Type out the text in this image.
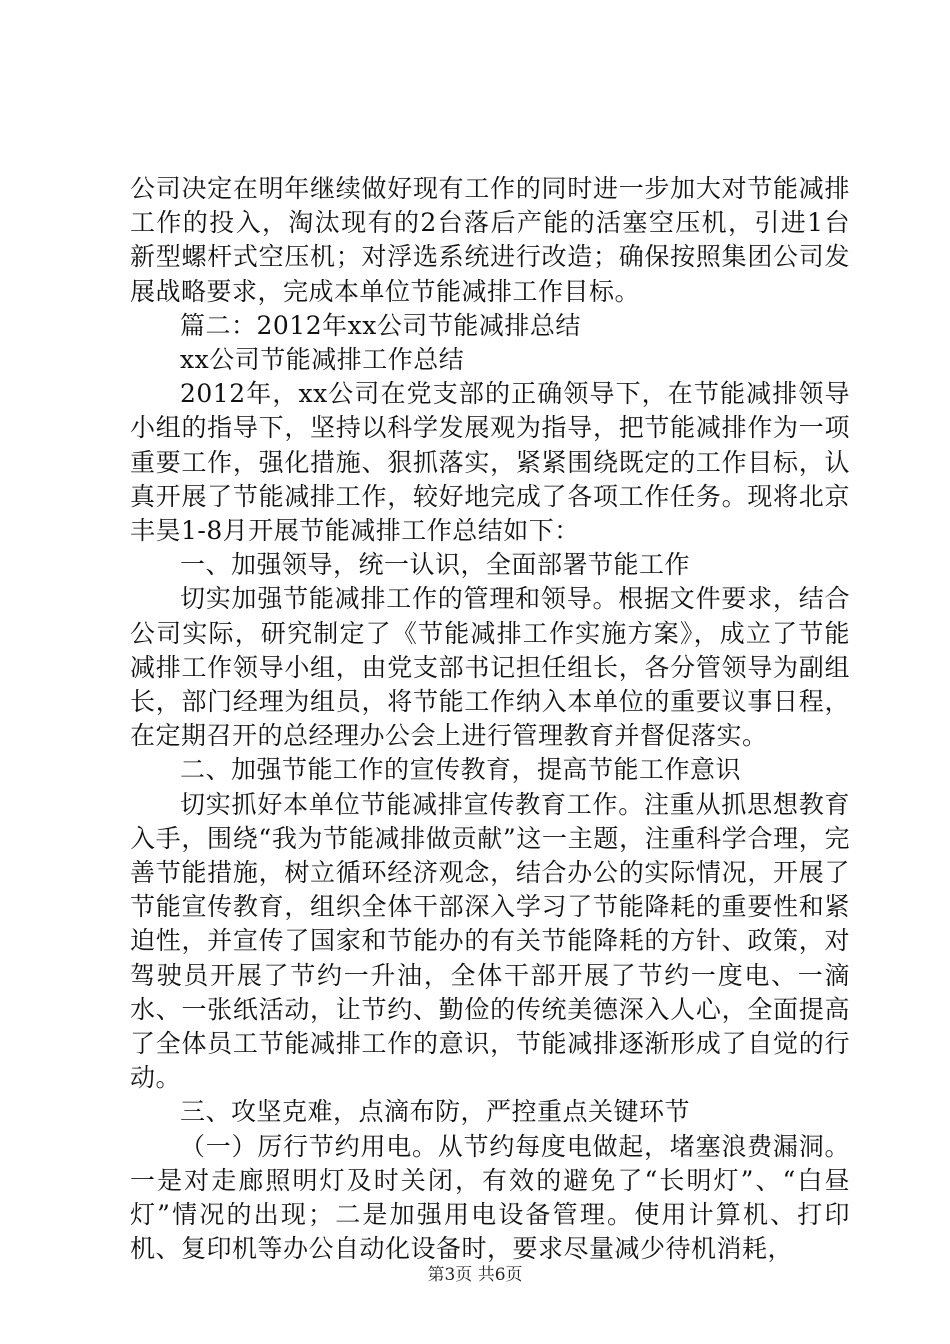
公司决定在明年继续做好现有工作的同时进一步加大对节能减排工作的投入，淘汰现有的2台落后产能的活塞空压机，引进1台新型螺杆式空压机；对浮选系统进行改造；确保按照集团公司发展战略要求，完成本单位节能减排工作目标。

篇二：2012年xx公司节能减排总结

xx公司节能减排工作总结

2012年，xx公司在党支部的正确领导下，在节能减排领导小组的指导下，坚持以科学发展观为指导，把节能减排作为一项重要工作，强化措施、狠抓落实，紧紧围绕既定的工作目标，认真开展了节能减排工作，较好地完成了各项工作任务。现将北京丰昊1-8月开展节能减排工作总结如下：

一、加强领导，统一认识，全面部署节能工作

切实加强节能减排工作的管理和领导。根据文件要求，结合公司实际，研究制定了《节能减排工作实施方案》，成立了节能减排工作领导小组，由党支部书记担任组长，各分管领导为副组长，部门经理为组员，将节能工作纳入本单位的重要议事日程，在定期召开的总经理办公会上进行管理教育并督促落实。

二、加强节能工作的宣传教育，提高节能工作意识

切实抓好本单位节能减排宣传教育工作。注重从抓思想教育入手，围绕“我为节能减排做贡献”这一主题，注重科学合理，完善节能措施，树立循环经济观念，结合办公的实际情况，开展了节能宣传教育，组织全体干部深入学习了节能降耗的重要性和紧迫性，并宣传了国家和节能办的有关节能降耗的方针、政策，对驾驶员开展了节约一升油，全体干部开展了节约一度电、一滴水、一张纸活动，让节约、勤俭的传统美德深入人心，全面提高了全体员工节能减排工作的意识，节能减排逐渐形成了自觉的行动。

三、攻坚克难，点滴布防，严控重点关键环节

（一）厉行节约用电。从节约每度电做起，堵塞浪费漏洞。一是对走廊照明灯及时关闭，有效的避免了“长明灯”、“白昼灯”情况的出现；二是加强用电设备管理。使用计算机、打印机、复印机等办公自动化设备时，要求尽量减少待机消耗，

第3页 共6页
